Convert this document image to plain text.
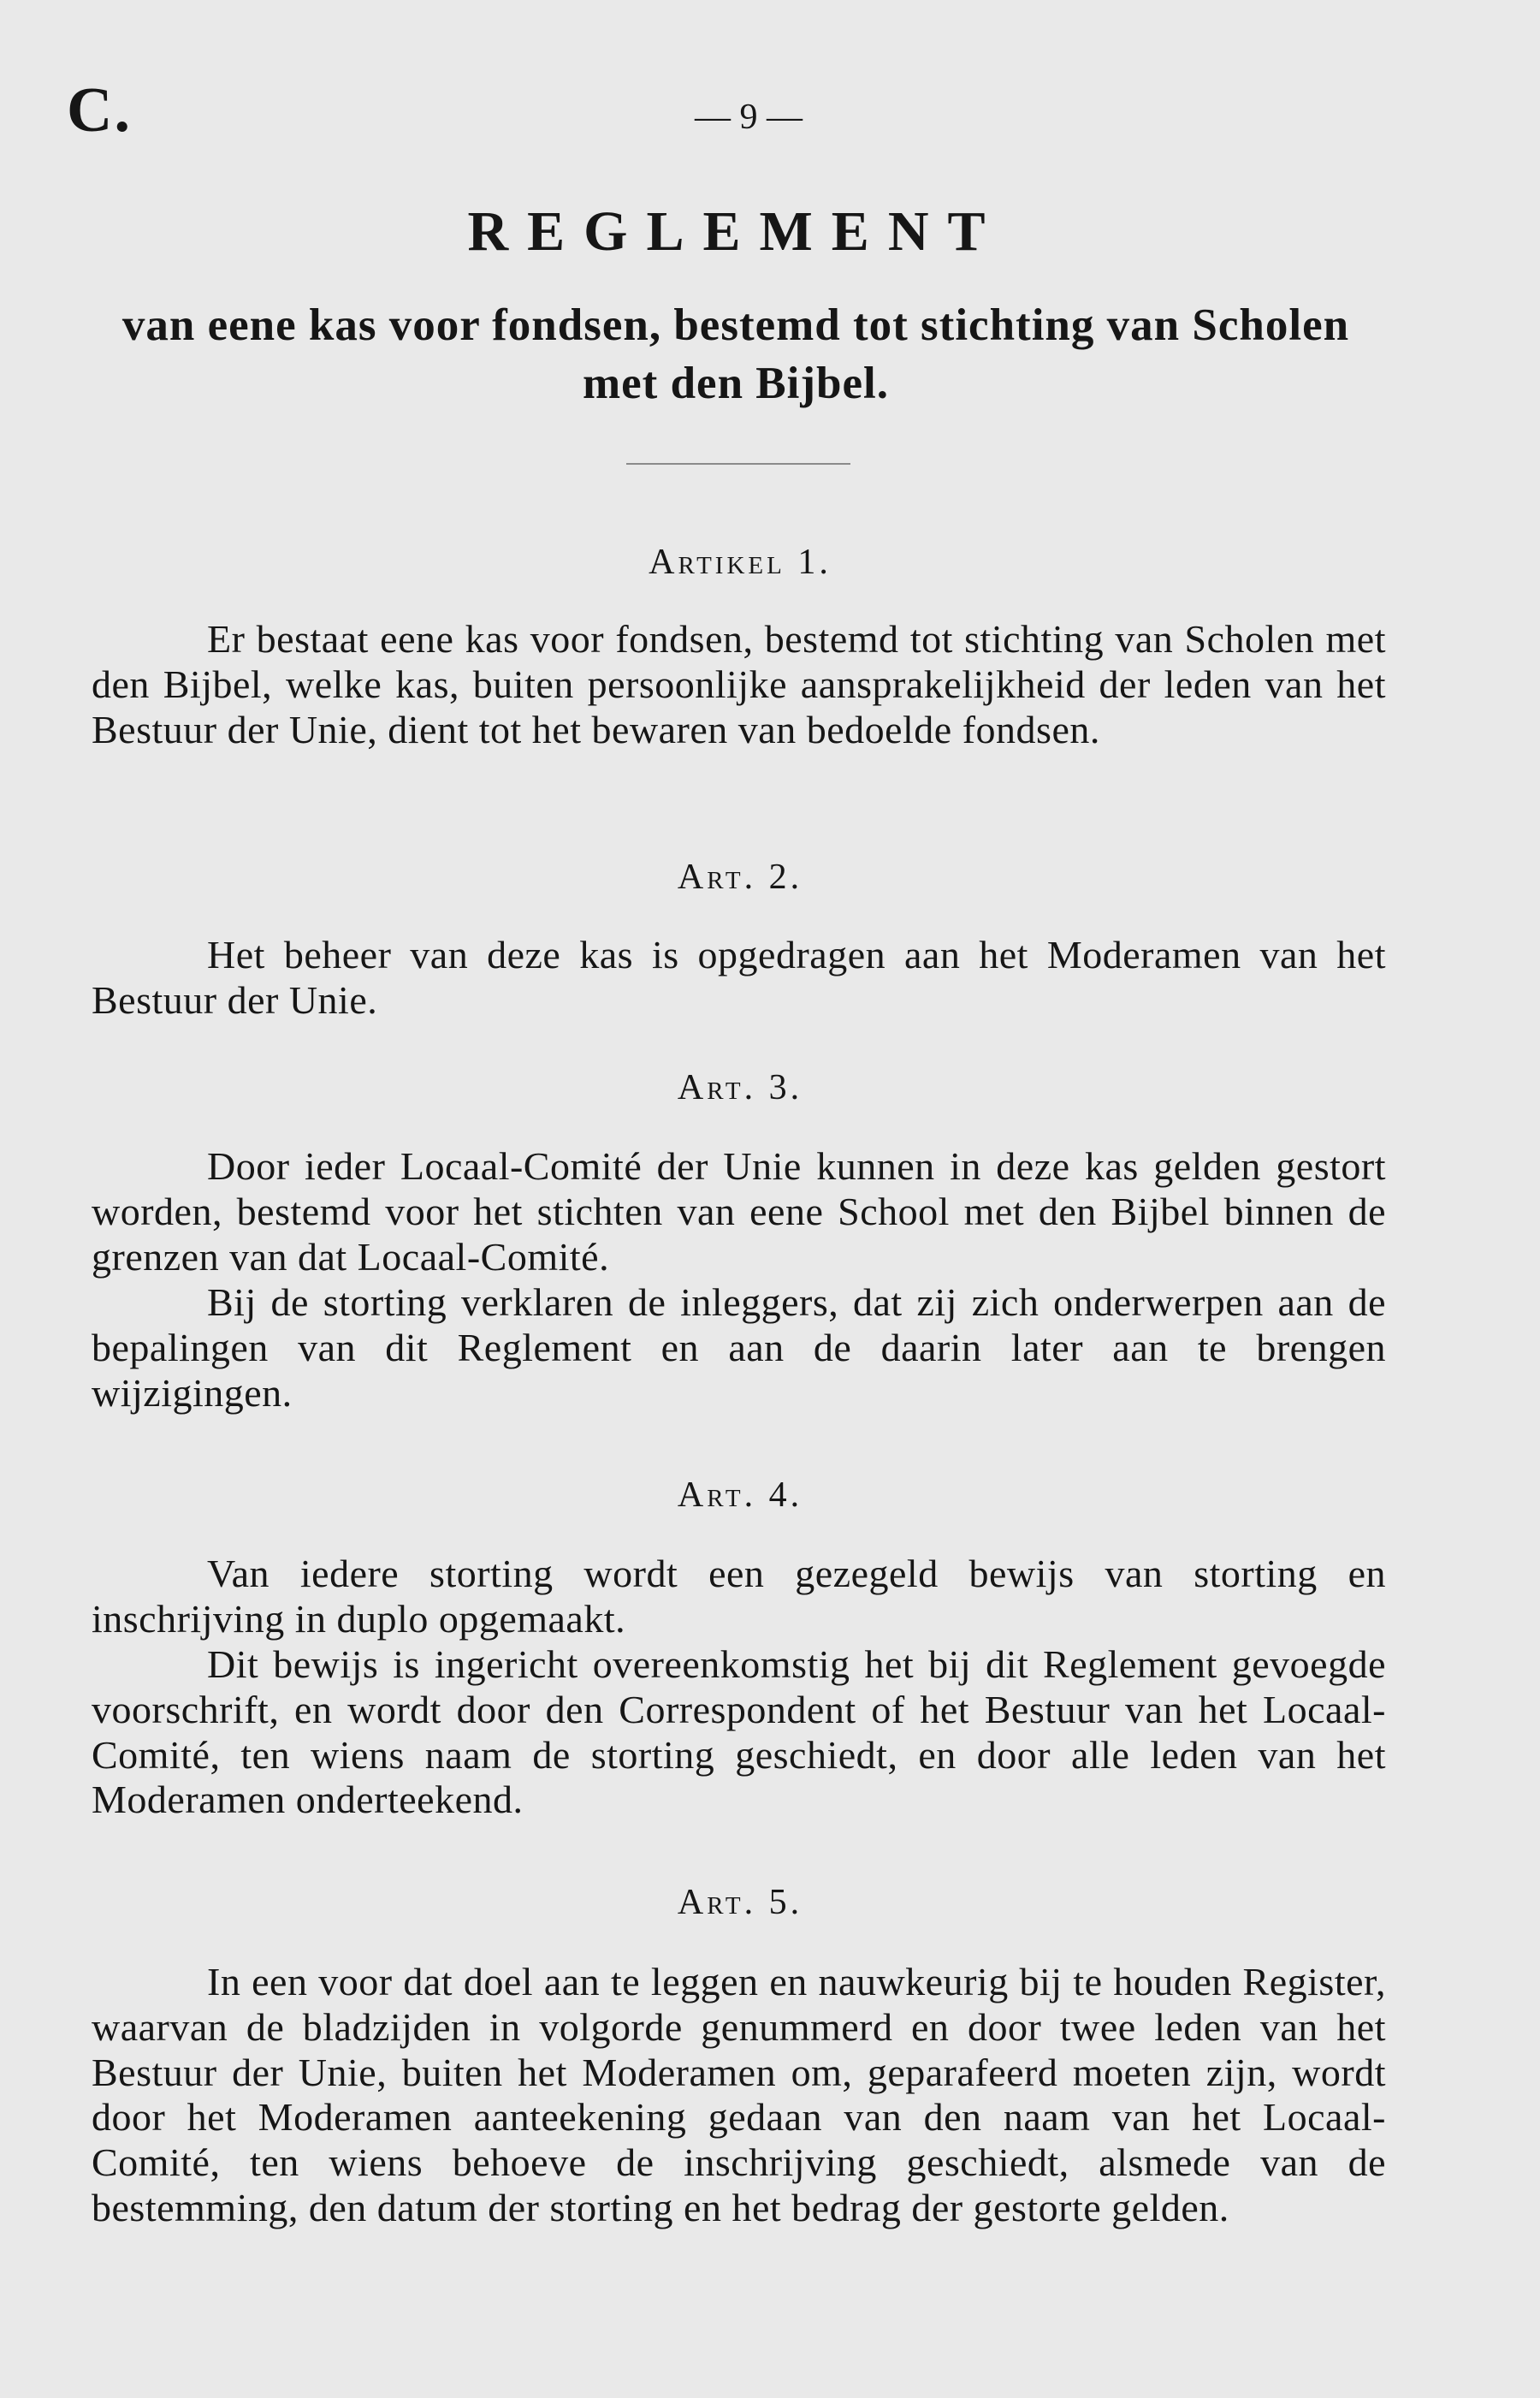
C.	— 9 —
REGLEMENT
van eene kas voor fondsen, bestemd tot stichting van Scholen met den Bijbel.
Artikel 1.

Er bestaat eene kas voor fondsen, bestemd tot stichting van Scholen met den Bijbel, welke kas, buiten persoonlijke aansprakelijkheid der leden van het Bestuur der Unie, dient tot het bewaren van bedoelde fondsen.

Art. 2.

Het beheer van deze kas is opgedragen aan het Moderamen van het Bestuur der Unie.

Art. 3.

Door ieder Locaal-Comité der Unie kunnen in deze kas gelden gestort worden, bestemd voor het stichten van eene School met den Bijbel binnen de grenzen van dat Locaal-Comité.

Bij de storting verklaren de inleggers, dat zij zich onderwerpen aan de bepalingen van dit Reglement en aan de daarin later aan te brengen wijzigingen.

Art. 4.

Van iedere storting wordt een gezegeld bewijs van storting en inschrijving in duplo opgemaakt.

Dit bewijs is ingericht overeenkomstig het bij dit Reglement gevoegde voorschrift, en wordt door den Correspondent of het Bestuur van het Locaal-Comité, ten wiens naam de storting geschiedt, en door alle leden van het Moderamen onderteekend.

Art. 5.

In een voor dat doel aan te leggen en nauwkeurig bij te houden Register, waarvan de bladzijden in volgorde genummerd en door twee leden van het Bestuur der Unie, buiten het Moderamen om, geparafeerd moeten zijn, wordt door het Moderamen aanteekening gedaan van den naam van het Locaal-Comité, ten wiens behoeve de inschrijving geschiedt, alsmede van de bestemming, den datum der storting en het bedrag der gestorte gelden.
